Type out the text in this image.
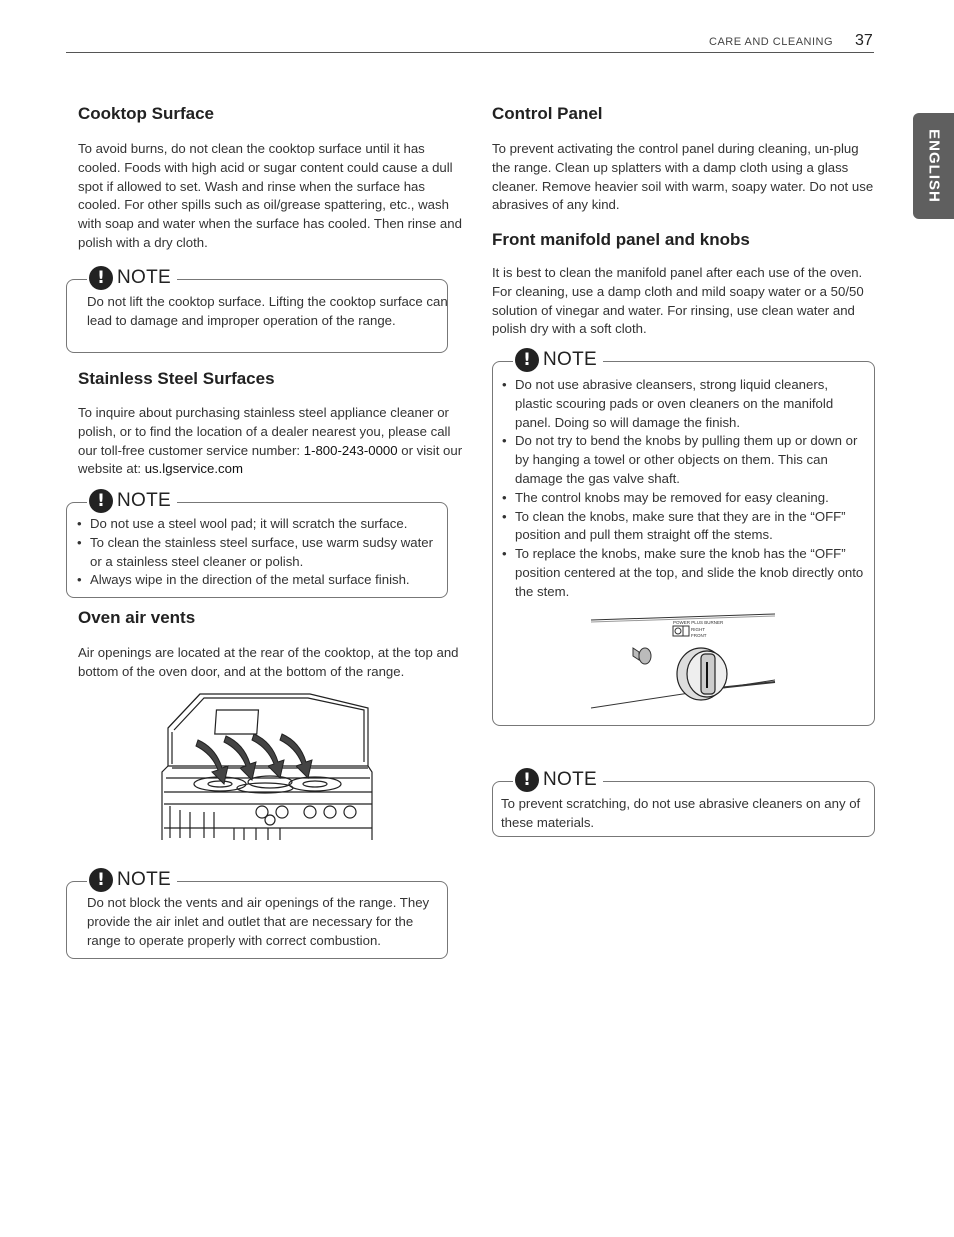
CARE AND CLEANING 37
ENGLISH
Cooktop Surface

To avoid burns, do not clean the cooktop surface until it has cooled. Foods with high acid or sugar content could cause a dull spot if allowed to set. Wash and rinse when the surface has cooled. For other spills such as oil/grease spattering, etc., wash with soap and water when the surface has cooled. Then rinse and polish with a dry cloth.

! NOTE

Do not lift the cooktop surface. Lifting the cooktop surface can lead to damage and improper operation of the range.

Stainless Steel Surfaces

To inquire about purchasing stainless steel appliance cleaner or polish, or to find the location of a dealer nearest you, please call our toll-free customer service number: 1-800-243-0000 or visit our website at: us.lgservice.com

! NOTE
• Do not use a steel wool pad; it will scratch the surface.
• To clean the stainless steel surface, use warm sudsy water or a stainless steel cleaner or polish.
• Always wipe in the direction of the metal surface finish.
Oven air vents

Air openings are located at the rear of the cooktop, at the top and bottom of the oven door, and at the bottom of the range.

! NOTE

Do not block the vents and air openings of the range. They provide the air inlet and outlet that are necessary for the range to operate properly with correct combustion.

Control Panel

To prevent activating the control panel during cleaning, un-plug the range. Clean up splatters with a damp cloth using a glass cleaner. Remove heavier soil with warm, soapy water. Do not use abrasives of any kind.

Front manifold panel and knobs

It is best to clean the manifold panel after each use of the oven. For cleaning, use a damp cloth and mild soapy water or a 50/50 solution of vinegar and water. For rinsing, use clean water and polish dry with a soft cloth.

! NOTE
• Do not use abrasive cleansers, strong liquid cleaners, plastic scouring pads or oven cleaners on the manifold panel. Doing so will damage the finish.
• Do not try to bend the knobs by pulling them up or down or by hanging a towel or other objects on them. This can damage the gas valve shaft.
• The control knobs may be removed for easy cleaning.
• To clean the knobs, make sure that they are in the “OFF” position and pull them straight off the stems.
• To replace the knobs, make sure the knob has the “OFF” position centered at the top, and slide the knob directly onto the stem.
POWER PLUS BURNER
RIGHT
FRONT
! NOTE

To prevent scratching, do not use abrasive cleaners on any of these materials.
